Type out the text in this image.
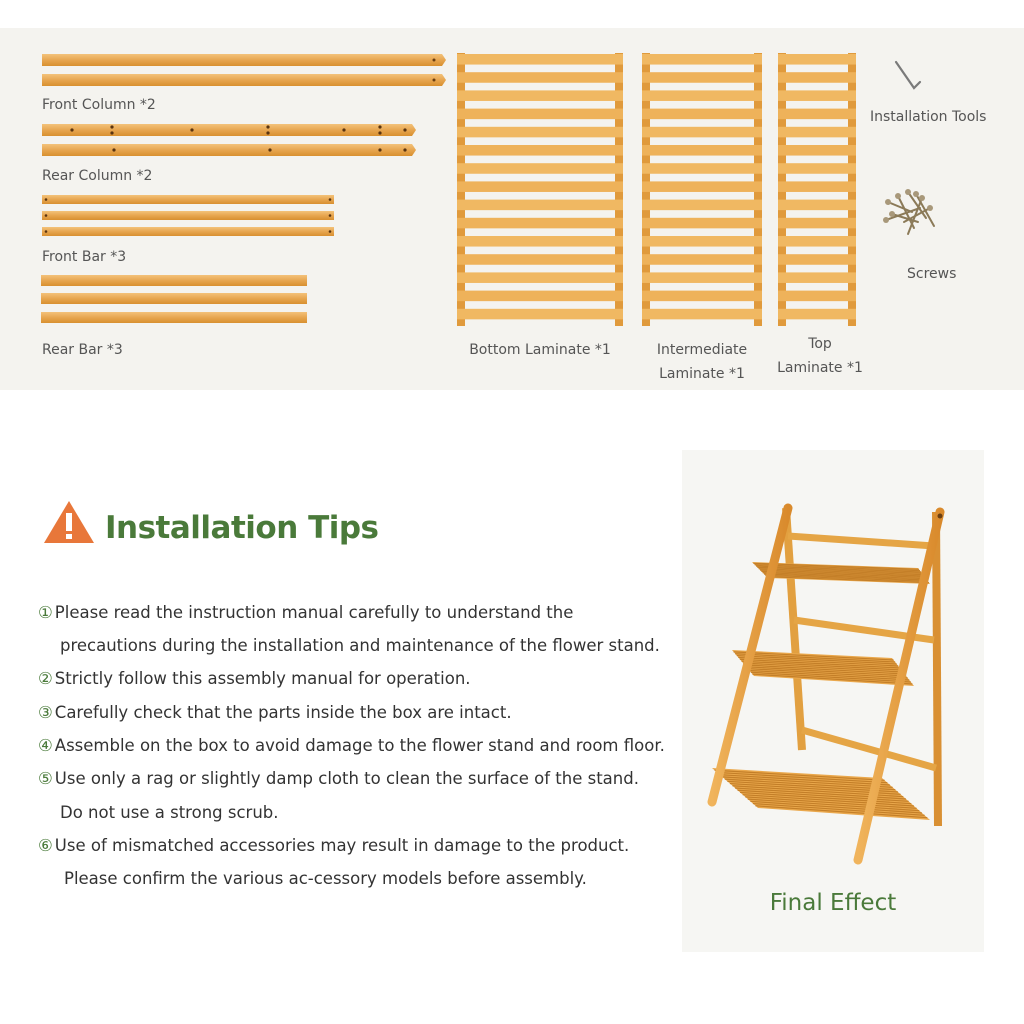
Front Column *2
Rear Column *2
Front Bar *3
Rear Bar *3	Bottom Laminate *1	Intermediate
Laminate *1
Top
Laminate *1
Installation Tools
Screws
Installation Tips
① Please read the instruction manual carefully to understand the
precautions during the installation and maintenance of the flower stand.
② Strictly follow this assembly manual for operation.
③ Carefully check that the parts inside the box are intact.
④ Assemble on the box to avoid damage to the flower stand and room floor.
⑤ Use only a rag or slightly damp cloth to clean the surface of the stand.
Do not use a strong scrub.
⑥ Use of mismatched accessories may result in damage to the product.
Please confirm the various ac-cessory models before assembly.
Final Effect
